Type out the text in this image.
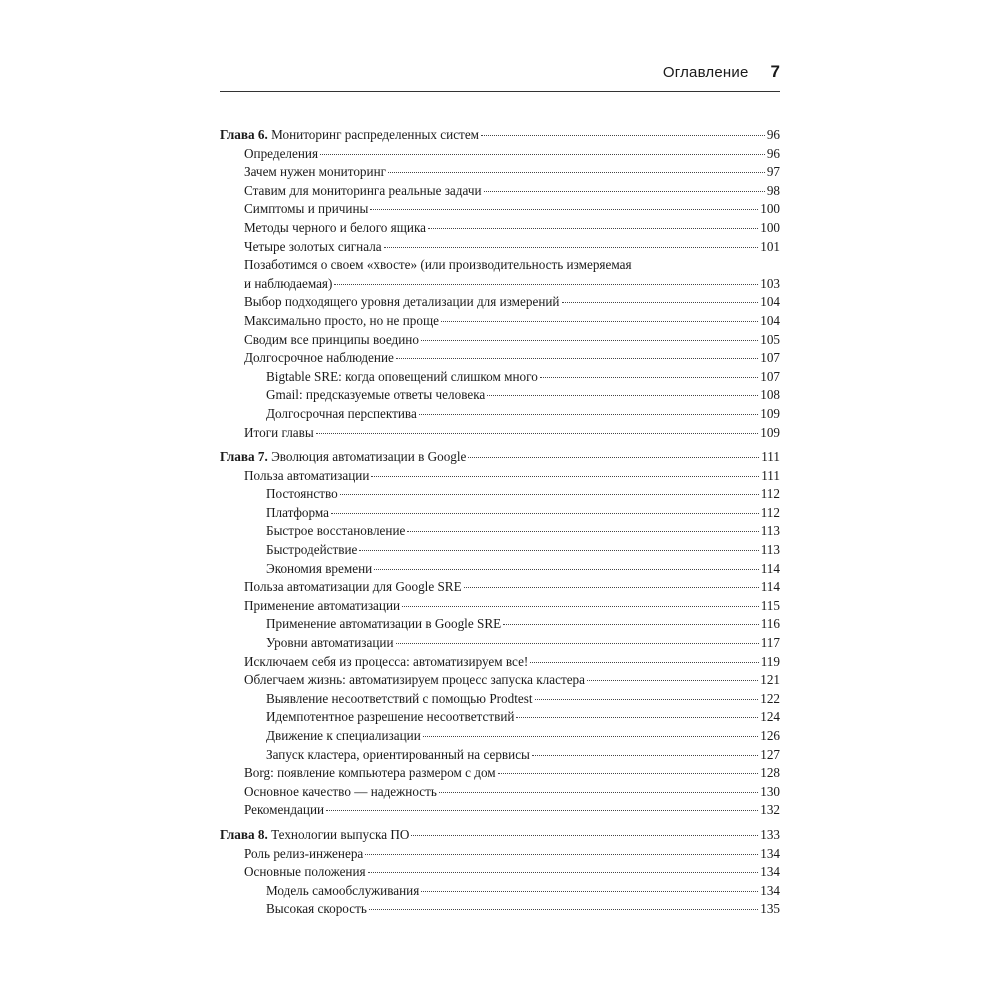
Оглавление 7
Глава 6. Мониторинг распределенных систем	96
Определения	96
Зачем нужен мониторинг	97
Ставим для мониторинга реальные задачи	98
Симптомы и причины	100
Методы черного и белого ящика	100
Четыре золотых сигнала	101
Позаботимся о своем «хвосте» (или производительность измеряемая
и наблюдаемая)	103
Выбор подходящего уровня детализации для измерений	104
Максимально просто, но не проще	104
Сводим все принципы воедино	105
Долгосрочное наблюдение	107
Bigtable SRE: когда оповещений слишком много	107
Gmail: предсказуемые ответы человека	108
Долгосрочная перспектива	109
Итоги главы	109
Глава 7. Эволюция автоматизации в Google	111
Польза автоматизации	111
Постоянство	112
Платформа	112
Быстрое восстановление	113
Быстродействие	113
Экономия времени	114
Польза автоматизации для Google SRE	114
Применение автоматизации	115
Применение автоматизации в Google SRE	116
Уровни автоматизации	117
Исключаем себя из процесса: автоматизируем все!	119
Облегчаем жизнь: автоматизируем процесс запуска кластера	121
Выявление несоответствий с помощью Prodtest	122
Идемпотентное разрешение несоответствий	124
Движение к специализации	126
Запуск кластера, ориентированный на сервисы	127
Borg: появление компьютера размером с дом	128
Основное качество — надежность	130
Рекомендации	132
Глава 8. Технологии выпуска ПО	133
Роль релиз-инженера	134
Основные положения	134
Модель самообслуживания	134
Высокая скорость	135
